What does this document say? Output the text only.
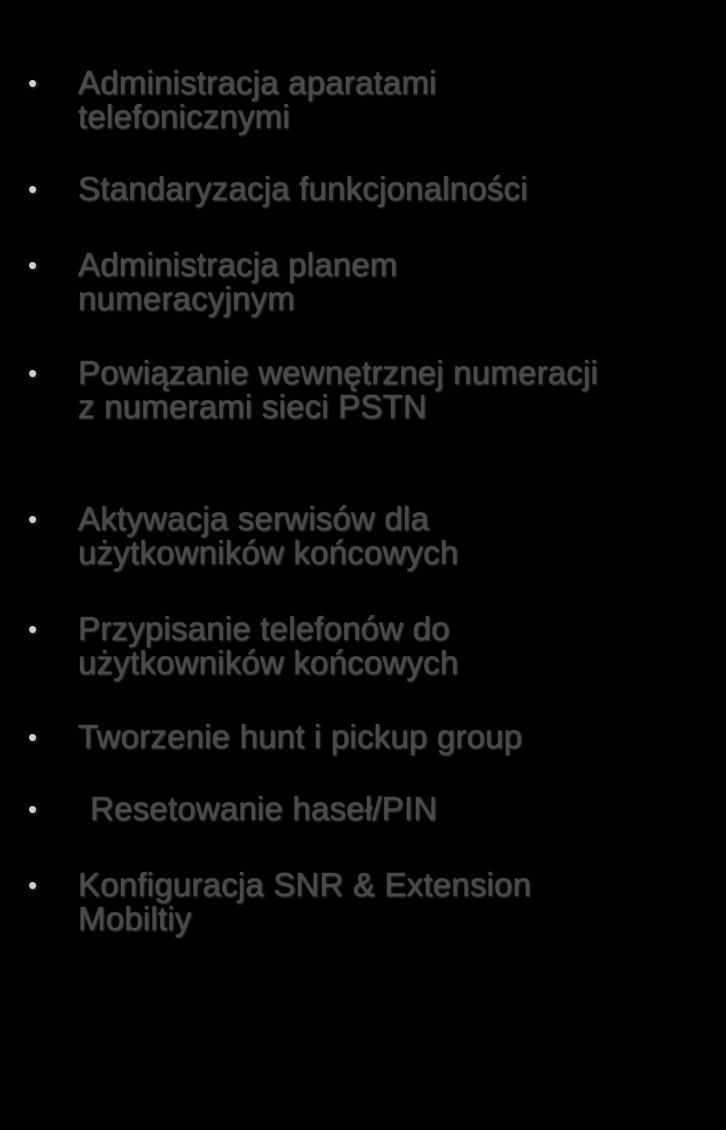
•	Administracja aparatami
telefonicznymi
•	Standaryzacja funkcjonalności
•	Administracja planem
numeracyjnym
•	Powiązanie wewnętrznej numeracji
z numerami sieci PSTN
•	Aktywacja serwisów dla
użytkowników końcowych
•	Przypisanie telefonów do
użytkowników końcowych
•	Tworzenie hunt i pickup group
•	Resetowanie haseł/PIN
•	Konfiguracja SNR & Extension
Mobiltiy
